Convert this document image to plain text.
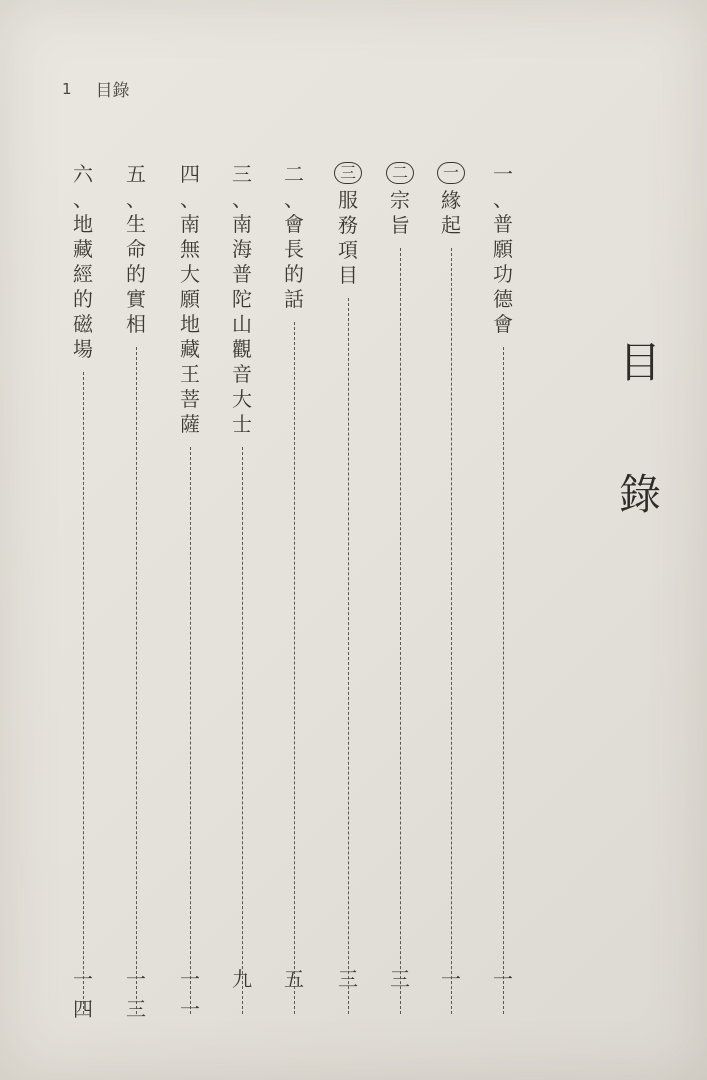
1 目錄
目
錄
一
、
普
願
功
德
會
一
一
緣
起
一
二
宗
旨
三
三
服
務
項
目
三
二
、
會
長
的
話
五
三
、
南
海
普
陀
山
觀
音
大
士
九
四
、
南
無
大
願
地
藏
王
菩
薩
一
一
五
、
生
命
的
實
相
一
三
六
、
地
藏
經
的
磁
場
一
四
